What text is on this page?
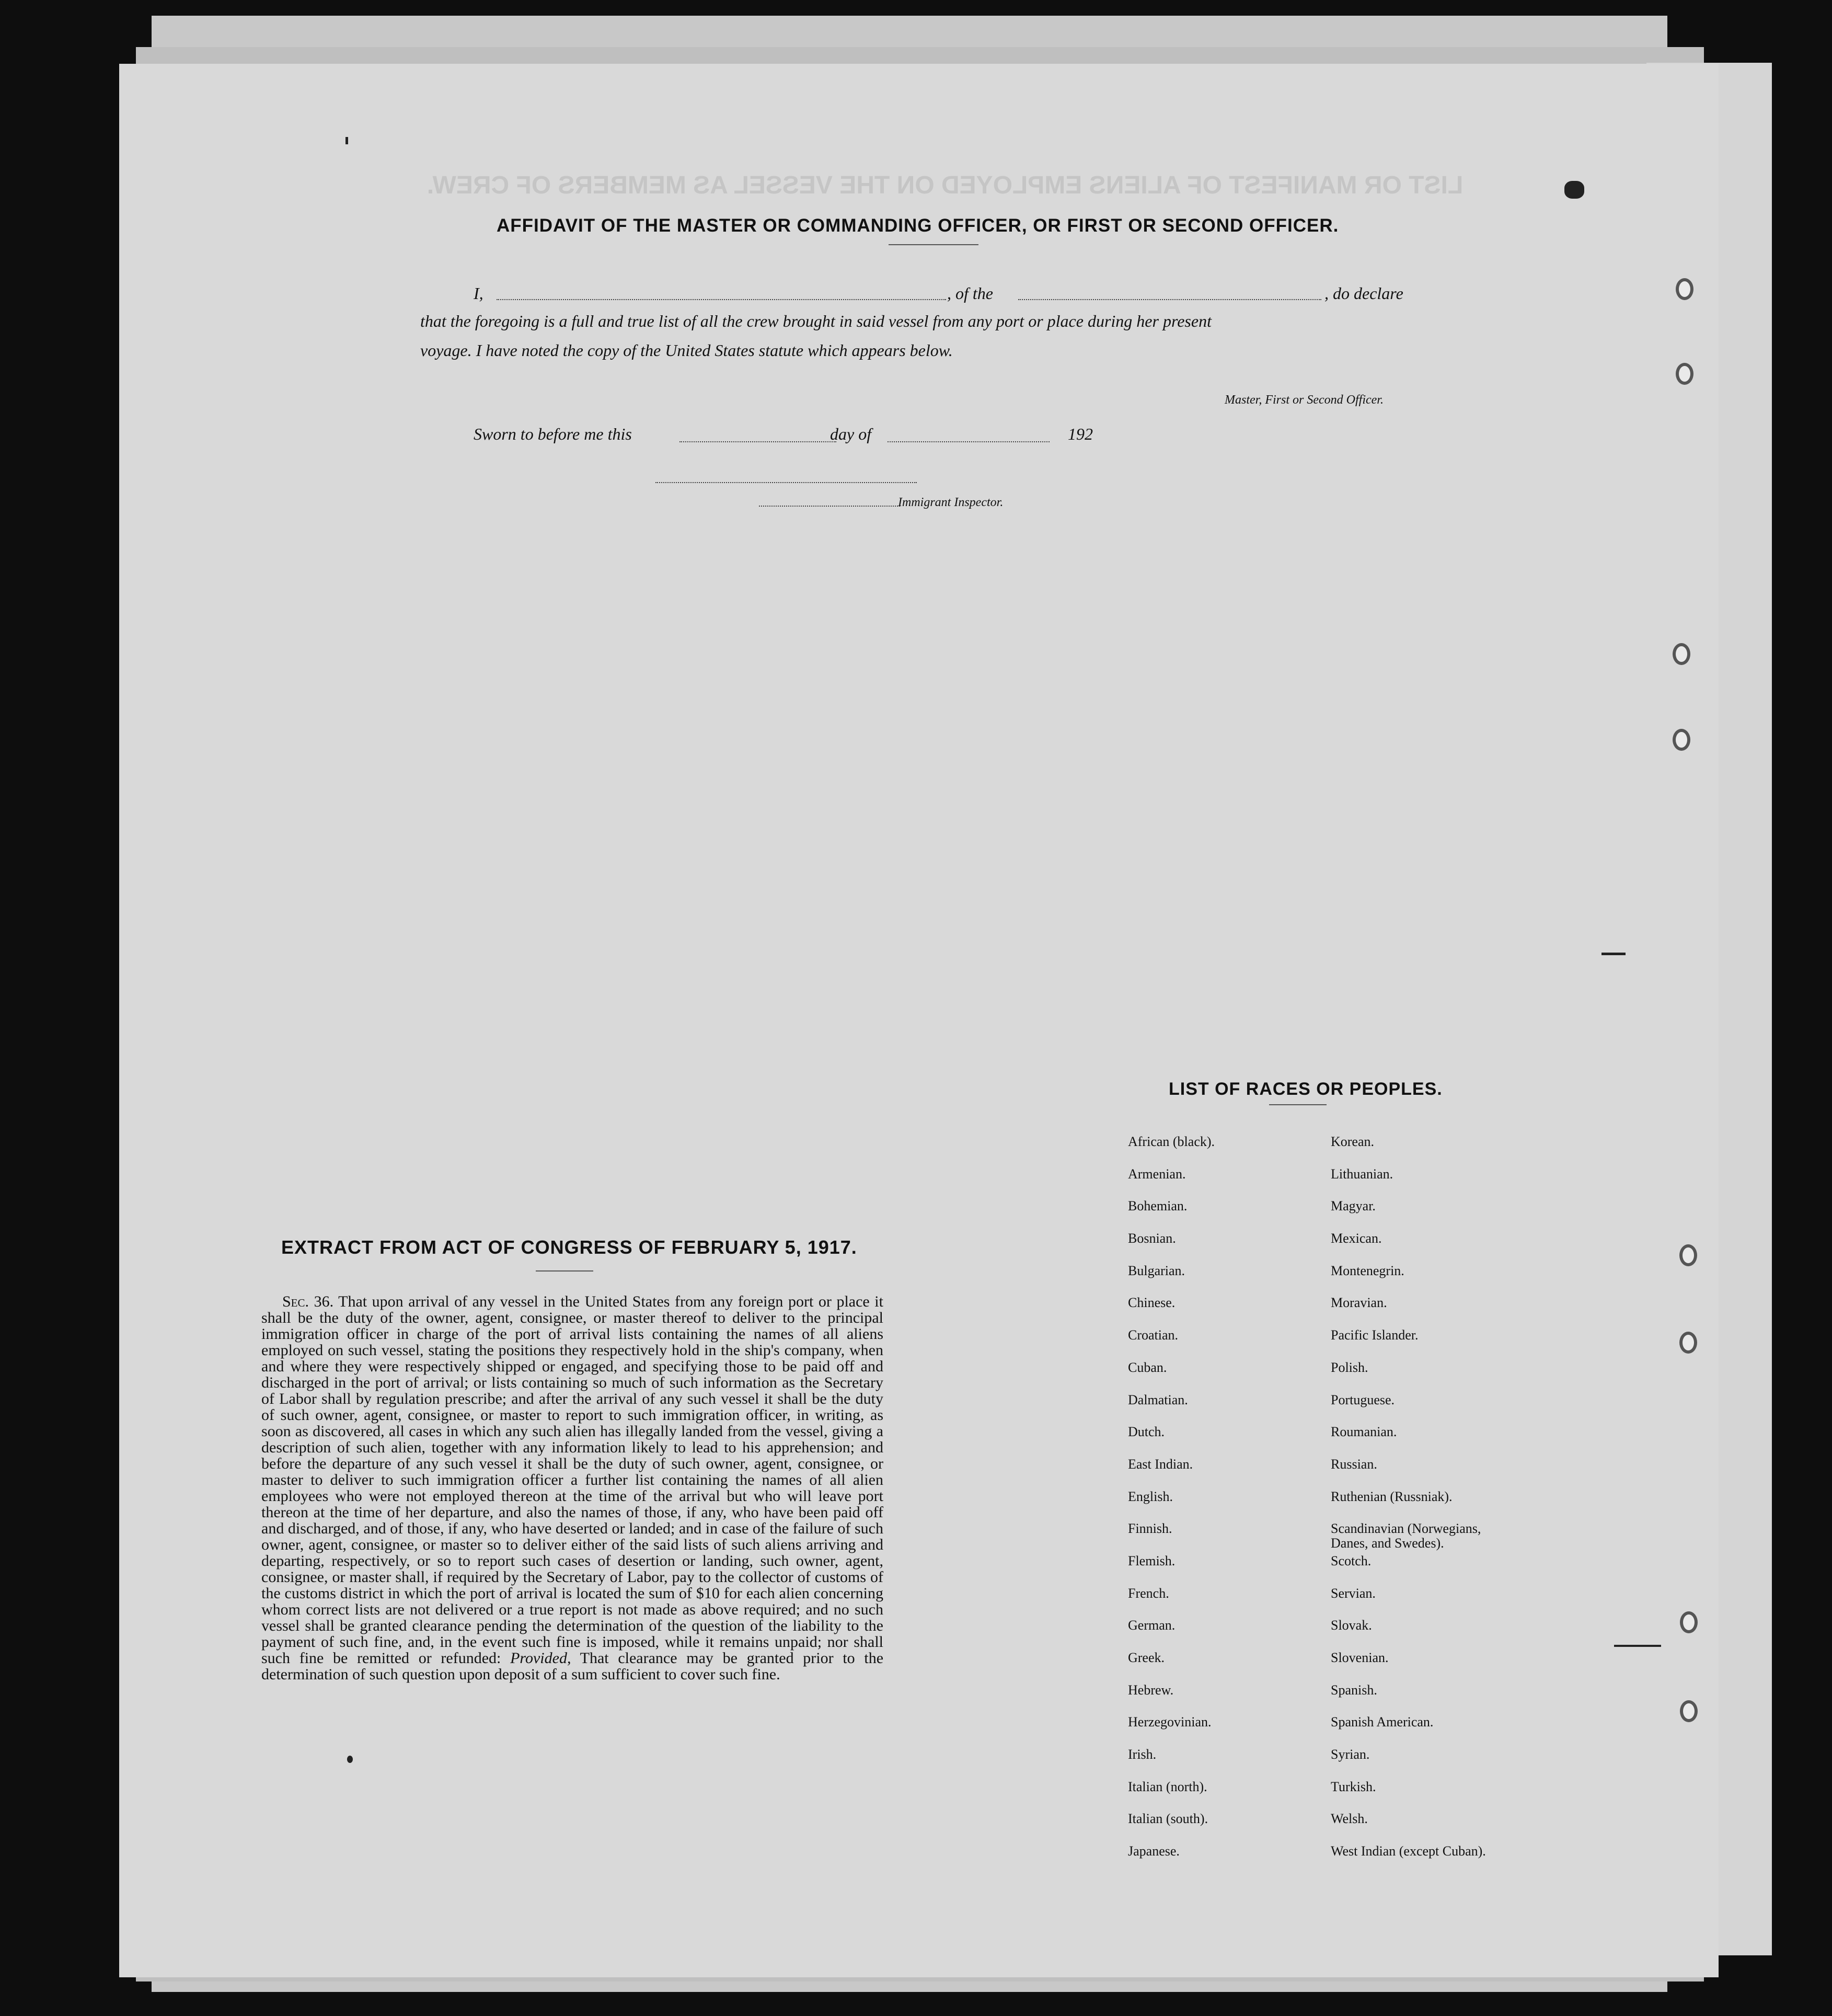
LIST OR MANIFEST OF ALIENS EMPLOYED ON THE VESSEL AS MEMBERS OF CREW.
AFFIDAVIT OF THE MASTER OR COMMANDING OFFICER, OR FIRST OR SECOND OFFICER.
I,	, of the	, do declare
that the foregoing is a full and true list of all the crew brought in said vessel from any port or place during her present
voyage. I have noted the copy of the United States statute which appears below.
Master, First or Second Officer.
Sworn to before me this	day of	192
Immigrant Inspector.
LIST OF RACES OR PEOPLES.
African (black).	Korean.
Armenian.	Lithuanian.
Bohemian.	Magyar.
Bosnian.	Mexican.
Bulgarian.	Montenegrin.
Chinese.	Moravian.
Croatian.	Pacific Islander.
Cuban.	Polish.
Dalmatian.	Portuguese.
Dutch.	Roumanian.
East Indian.	Russian.
English.	Ruthenian (Russniak).
Finnish.	Scandinavian (Norwegians,
Danes, and Swedes).
Flemish.	Scotch.
French.	Servian.
German.	Slovak.
Greek.	Slovenian.
Hebrew.	Spanish.
Herzegovinian.	Spanish American.
Irish.	Syrian.
Italian (north).	Turkish.
Italian (south).	Welsh.
Japanese.	West Indian (except Cuban).
EXTRACT FROM ACT OF CONGRESS OF FEBRUARY 5, 1917.
Sec. 36. That upon arrival of any vessel in the United States from any foreign port or place it shall be the duty of the owner, agent, consignee, or master thereof to deliver to the principal immigration officer in charge of the port of arrival lists containing the names of all aliens employed on such vessel, stating the positions they respectively hold in the ship's company, when and where they were respectively shipped or engaged, and specifying those to be paid off and discharged in the port of arrival; or lists containing so much of such information as the Secretary of Labor shall by regulation prescribe; and after the arrival of any such vessel it shall be the duty of such owner, agent, consignee, or master to report to such immigration officer, in writing, as soon as discovered, all cases in which any such alien has illegally landed from the vessel, giving a description of such alien, together with any information likely to lead to his apprehension; and before the departure of any such vessel it shall be the duty of such owner, agent, consignee, or master to deliver to such immigration officer a further list containing the names of all alien employees who were not employed thereon at the time of the arrival but who will leave port thereon at the time of her departure, and also the names of those, if any, who have been paid off and discharged, and of those, if any, who have deserted or landed; and in case of the failure of such owner, agent, consignee, or master so to deliver either of the said lists of such aliens arriving and departing, respectively, or so to report such cases of desertion or landing, such owner, agent, consignee, or master shall, if required by the Secretary of Labor, pay to the collector of customs of the customs district in which the port of arrival is located the sum of $10 for each alien concerning whom correct lists are not delivered or a true report is not made as above required; and no such vessel shall be granted clearance pending the determination of the question of the liability to the payment of such fine, and, in the event such fine is imposed, while it remains unpaid; nor shall such fine be remitted or refunded: Provided, That clearance may be granted prior to the determination of such question upon deposit of a sum sufficient to cover such fine.
